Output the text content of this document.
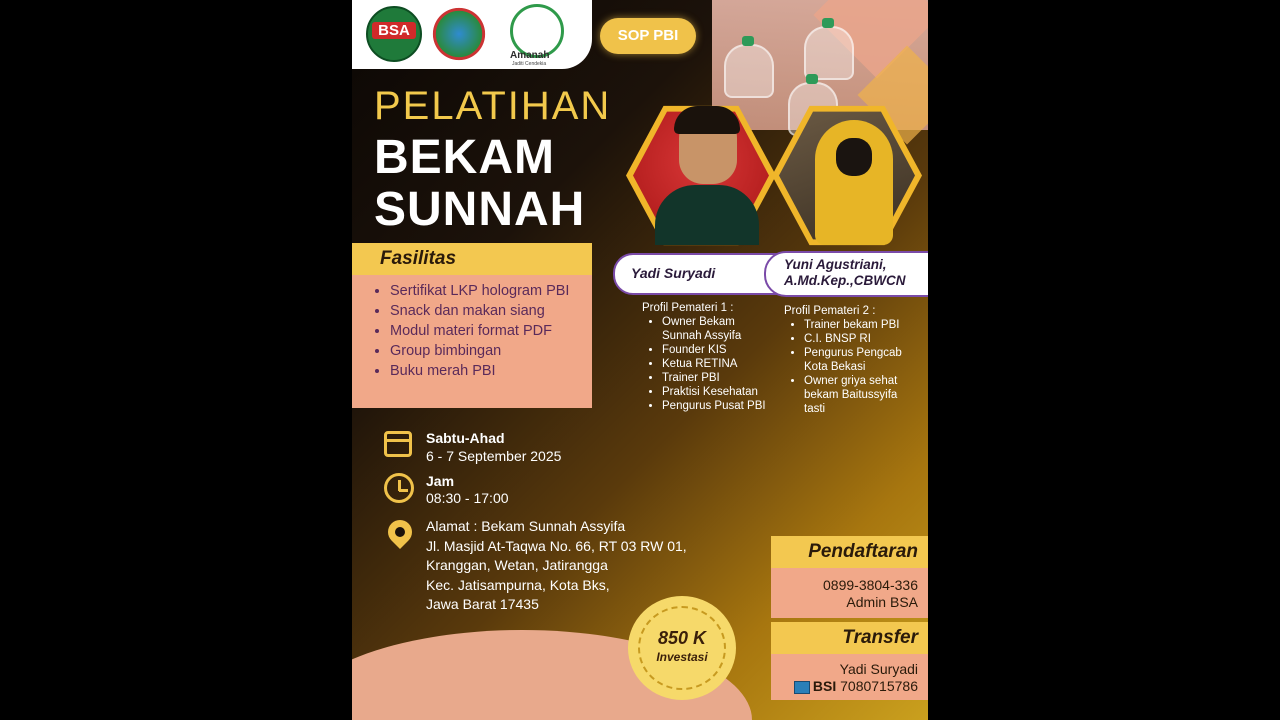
BSA
Amanah
Jaditi Cendekia
SOP PBI
PELATIHAN
BEKAM
SUNNAH
Fasilitas
• Sertifikat LKP hologram PBI
• Snack dan makan siang
• Modul materi format PDF
• Group bimbingan
• Buku merah PBI
Yadi Suryadi
Yuni Agustriani,
A.Md.Kep.,CBWCN
Profil Pemateri 1 :
• Owner Bekam Sunnah Assyifa
• Founder KIS
• Ketua RETINA
• Trainer PBI
• Praktisi Kesehatan
• Pengurus Pusat PBI
Profil Pemateri 2 :
• Trainer bekam PBI
• C.I. BNSP RI
• Pengurus Pengcab Kota Bekasi
• Owner griya sehat bekam Baitussyifa tasti
Sabtu-Ahad
6 - 7 September 2025
Jam
08:30 - 17:00
Alamat : Bekam Sunnah Assyifa
Jl. Masjid At-Taqwa No. 66, RT 03 RW 01,
Kranggan, Wetan, Jatirangga
Kec. Jatisampurna, Kota Bks,
Jawa Barat 17435
850 K
Investasi
Pendaftaran
0899-3804-336
Admin BSA
Transfer
Yadi Suryadi
BSI 7080715786
